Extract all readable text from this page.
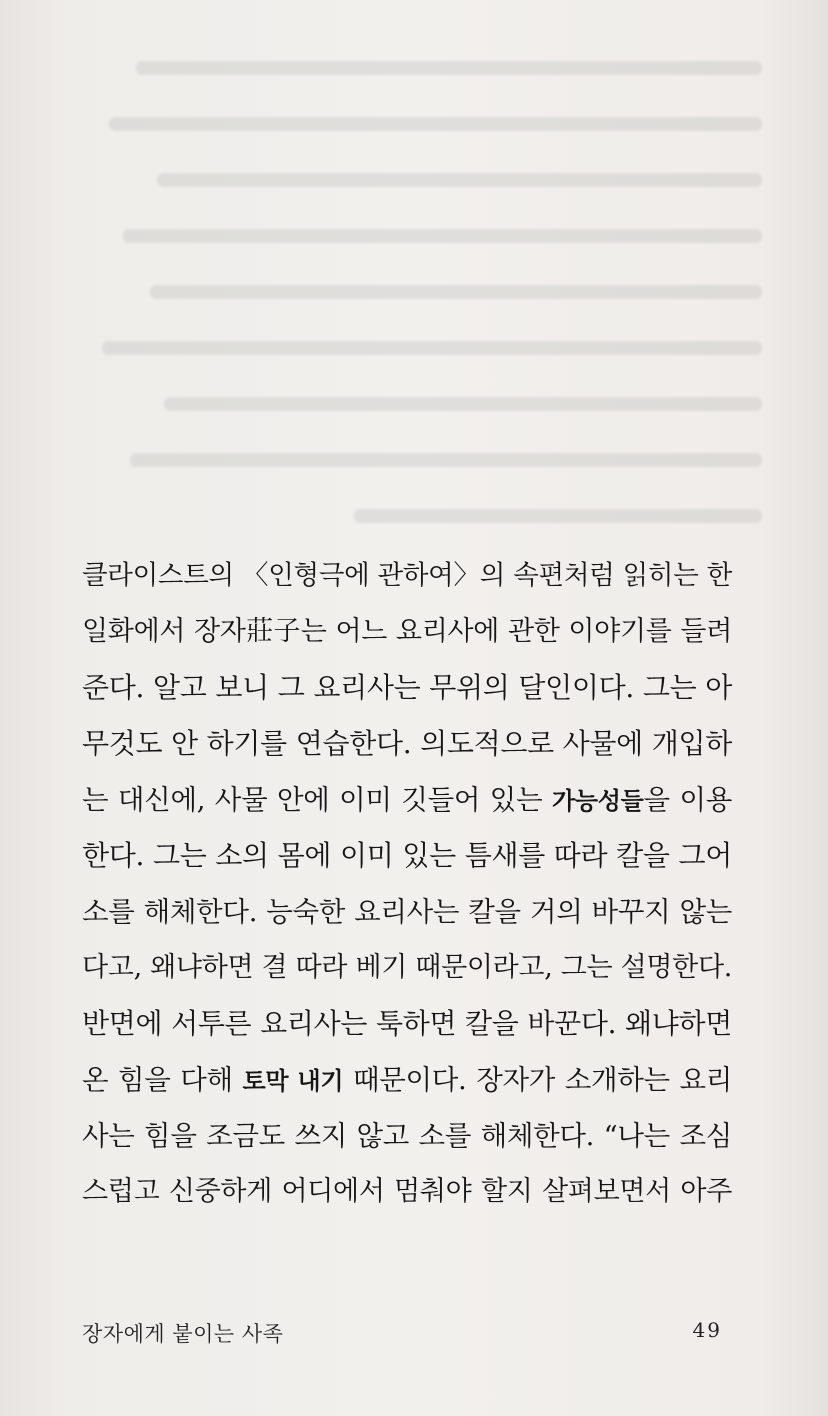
클라이스트의 〈인형극에 관하여〉의 속편처럼 읽히는 한
일화에서 장자莊子는 어느 요리사에 관한 이야기를 들려
준다. 알고 보니 그 요리사는 무위의 달인이다. 그는 아
무것도 안 하기를 연습한다. 의도적으로 사물에 개입하
는 대신에, 사물 안에 이미 깃들어 있는 가능성들을 이용
한다. 그는 소의 몸에 이미 있는 틈새를 따라 칼을 그어
소를 해체한다. 능숙한 요리사는 칼을 거의 바꾸지 않는
다고, 왜냐하면 결 따라 베기 때문이라고, 그는 설명한다.
반면에 서투른 요리사는 툭하면 칼을 바꾼다. 왜냐하면
온 힘을 다해 토막 내기 때문이다. 장자가 소개하는 요리
사는 힘을 조금도 쓰지 않고 소를 해체한다. “나는 조심
스럽고 신중하게 어디에서 멈춰야 할지 살펴보면서 아주
장자에게 붙이는 사족	49
